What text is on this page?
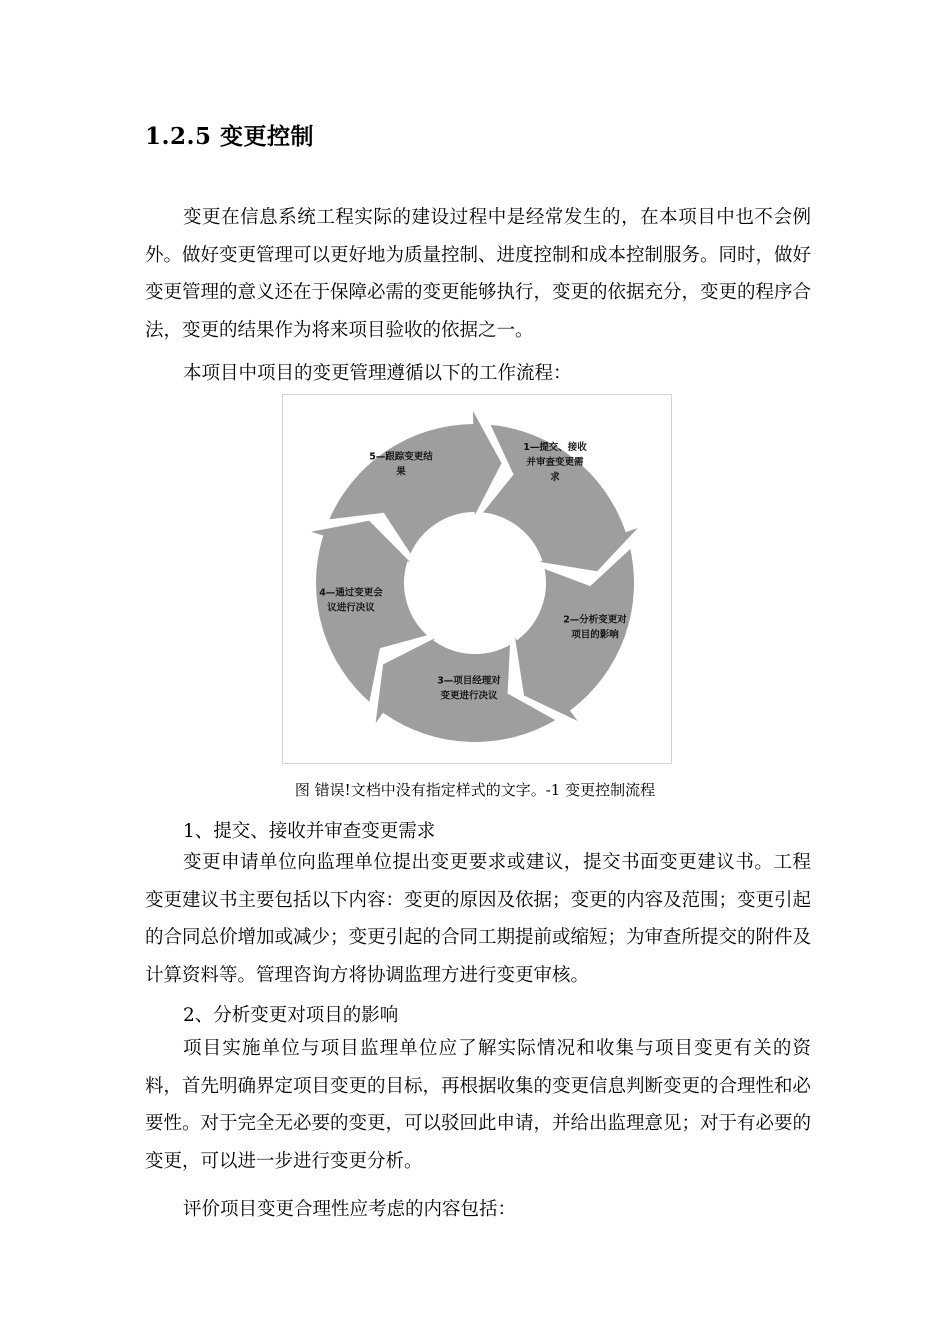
1.2.5 变更控制

变更在信息系统工程实际的建设过程中是经常发生的，在本项目中也不会例外。做好变更管理可以更好地为质量控制、进度控制和成本控制服务。同时，做好变更管理的意义还在于保障必需的变更能够执行，变更的依据充分，变更的程序合法，变更的结果作为将来项目验收的依据之一。

本项目中项目的变更管理遵循以下的工作流程：
1—提交、接收
并审查变更需
求
2—分析变更对
项目的影响
3—项目经理对
变更进行决议
4—通过变更会
议进行决议
5—跟踪变更结
果
图 错误!文档中没有指定样式的文字。-1 变更控制流程
1、提交、接收并审查变更需求

变更申请单位向监理单位提出变更要求或建议，提交书面变更建议书。工程变更建议书主要包括以下内容：变更的原因及依据；变更的内容及范围；变更引起的合同总价增加或减少；变更引起的合同工期提前或缩短；为审查所提交的附件及计算资料等。管理咨询方将协调监理方进行变更审核。

2、分析变更对项目的影响

项目实施单位与项目监理单位应了解实际情况和收集与项目变更有关的资料，首先明确界定项目变更的目标，再根据收集的变更信息判断变更的合理性和必要性。对于完全无必要的变更，可以驳回此申请，并给出监理意见；对于有必要的变更，可以进一步进行变更分析。

评价项目变更合理性应考虑的内容包括：
